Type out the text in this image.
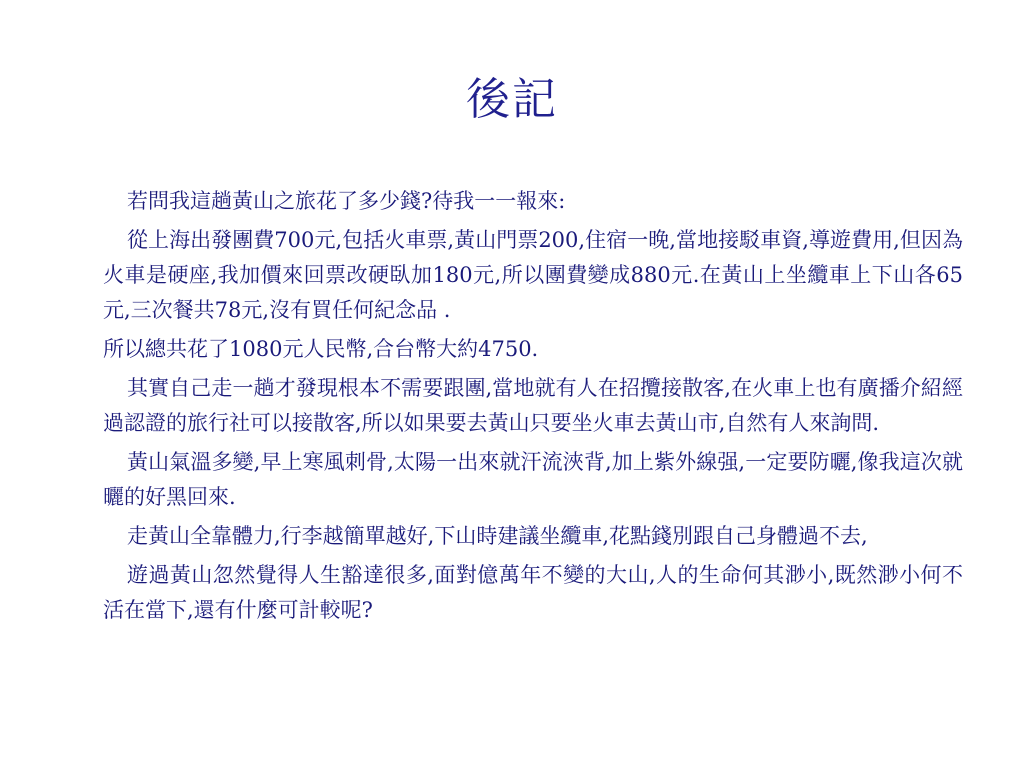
後記

若問我這趟黃山之旅花了多少錢?待我一一報來:

從上海出發團費700元,包括火車票,黃山門票200,住宿一晚,當地接駁車資,導遊費用,但因為火車是硬座,我加價來回票改硬臥加180元,所以團費變成880元.在黃山上坐纜車上下山各65元,三次餐共78元,沒有買任何紀念品 .

所以總共花了1080元人民幣,合台幣大約4750.

其實自己走一趟才發現根本不需要跟團,當地就有人在招攬接散客,在火車上也有廣播介紹經過認證的旅行社可以接散客,所以如果要去黃山只要坐火車去黃山市,自然有人來詢問.

黃山氣溫多變,早上寒風刺骨,太陽一出來就汗流浹背,加上紫外線强,一定要防曬,像我這次就曬的好黑回來.

走黃山全靠體力,行李越簡單越好,下山時建議坐纜車,花點錢別跟自己身體過不去,

遊過黃山忽然覺得人生豁達很多,面對億萬年不變的大山,人的生命何其渺小,既然渺小何不活在當下,還有什麼可計較呢?
